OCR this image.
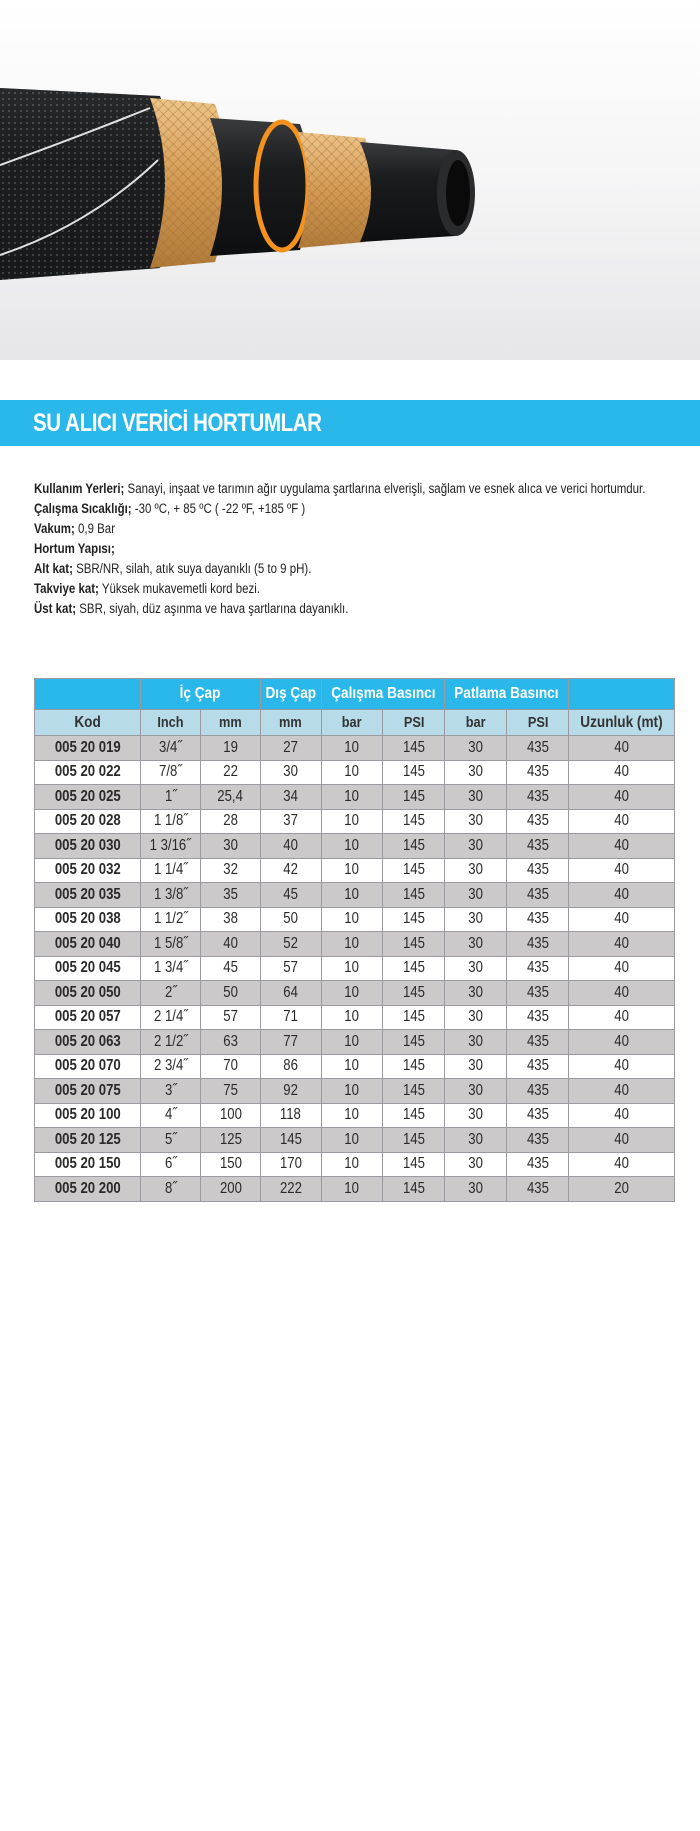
SU ALICI VERİCİ HORTUMLAR
Kullanım Yerleri; Sanayi, inşaat ve tarımın ağır uygulama şartlarına elverişli, sağlam ve esnek alıca ve verici hortumdur.
Çalışma Sıcaklığı; -30 ºC, + 85 ºC ( -22 ºF, +185 ºF )
Vakum; 0,9 Bar
Hortum Yapısı;
Alt kat; SBR/NR, silah, atık suya dayanıklı (5 to 9 pH).
Takviye kat; Yüksek mukavemetli kord bezi.
Üst kat; SBR, siyah, düz aşınma ve hava şartlarına dayanıklı.
	İç Çap		Dış Çap	Çalışma Basıncı		Patlama Basıncı		
Kod	Inch	mm	mm	bar	PSI	bar	PSI	Uzunluk (mt)
005 20 019	3/4˝	19	27	10	145	30	435	40
005 20 022	7/8˝	22	30	10	145	30	435	40
005 20 025	1˝	25,4	34	10	145	30	435	40
005 20 028	1 1/8˝	28	37	10	145	30	435	40
005 20 030	1 3/16˝	30	40	10	145	30	435	40
005 20 032	1 1/4˝	32	42	10	145	30	435	40
005 20 035	1 3/8˝	35	45	10	145	30	435	40
005 20 038	1 1/2˝	38	50	10	145	30	435	40
005 20 040	1 5/8˝	40	52	10	145	30	435	40
005 20 045	1 3/4˝	45	57	10	145	30	435	40
005 20 050	2˝	50	64	10	145	30	435	40
005 20 057	2 1/4˝	57	71	10	145	30	435	40
005 20 063	2 1/2˝	63	77	10	145	30	435	40
005 20 070	2 3/4˝	70	86	10	145	30	435	40
005 20 075	3˝	75	92	10	145	30	435	40
005 20 100	4˝	100	118	10	145	30	435	40
005 20 125	5˝	125	145	10	145	30	435	40
005 20 150	6˝	150	170	10	145	30	435	40
005 20 200	8˝	200	222	10	145	30	435	20
